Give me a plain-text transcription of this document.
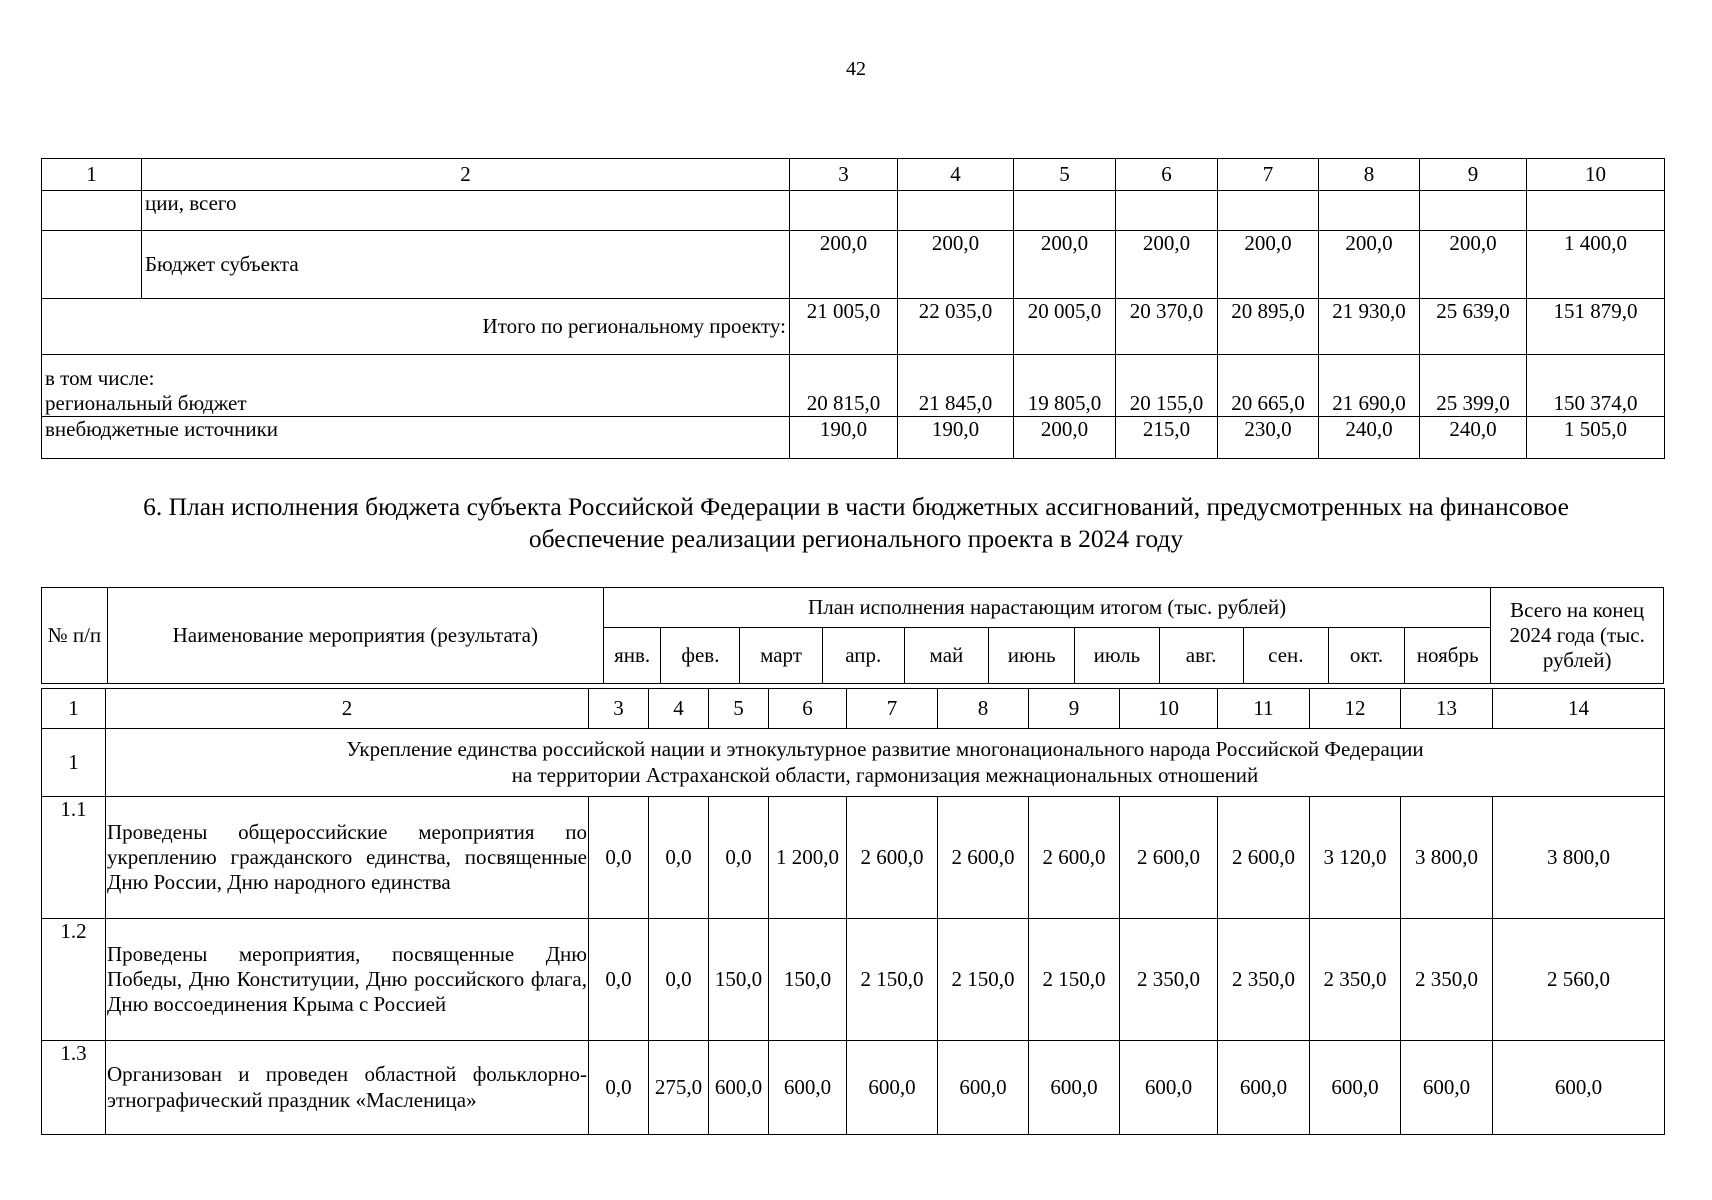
42
1	2	3	4	5	6	7	8	9	10
	ции, всего								
	Бюджет субъекта	200,0	200,0	200,0	200,0	200,0	200,0	200,0	1 400,0
Итого по региональному проекту:		21 005,0	22 035,0	20 005,0	20 370,0	20 895,0	21 930,0	25 639,0	151 879,0

в том числе:
региональный бюджет		20 815,0	21 845,0	19 805,0	20 155,0	20 665,0	21 690,0	25 399,0	150 374,0
внебюджетные источники		190,0	190,0	200,0	215,0	230,0	240,0	240,0	1 505,0
6. План исполнения бюджета субъекта Российской Федерации в части бюджетных ассигнований, предусмотренных на финансовое
обеспечение реализации регионального проекта в 2024 году
№ п/п	Наименование мероприятия (результата)	План исполнения нарастающим итогом (тыс. рублей)											Всего на конец 2024 года (тыс. рублей)
		янв.	фев.	март	апр.	май	июнь	июль	авг.	сен.	окт.	ноябрь	
1	2	3	4	5	6	7	8	9	10	11	12	13	14
1	Укрепление единства российской нации и этнокультурное развитие многонационального народа Российской Федерации
на территории Астраханской области, гармонизация межнациональных отношений												

1.1	Проведены общероссийские мероприятия по укреплению гражданского единства, посвященные Дню России, Дню народного единства	0,0	0,0	0,0	1 200,0	2 600,0	2 600,0	2 600,0	2 600,0	2 600,0	3 120,0	3 800,0	3 800,0
1.2	Проведены мероприятия, посвященные Дню Победы, Дню Конституции, Дню российского флага, Дню воссоединения Крыма с Россией	0,0	0,0	150,0	150,0	2 150,0	2 150,0	2 150,0	2 350,0	2 350,0	2 350,0	2 350,0	2 560,0
1.3	Организован и проведен областной фольклорно-этнографический праздник «Масленица»	0,0	275,0	600,0	600,0	600,0	600,0	600,0	600,0	600,0	600,0	600,0	600,0
